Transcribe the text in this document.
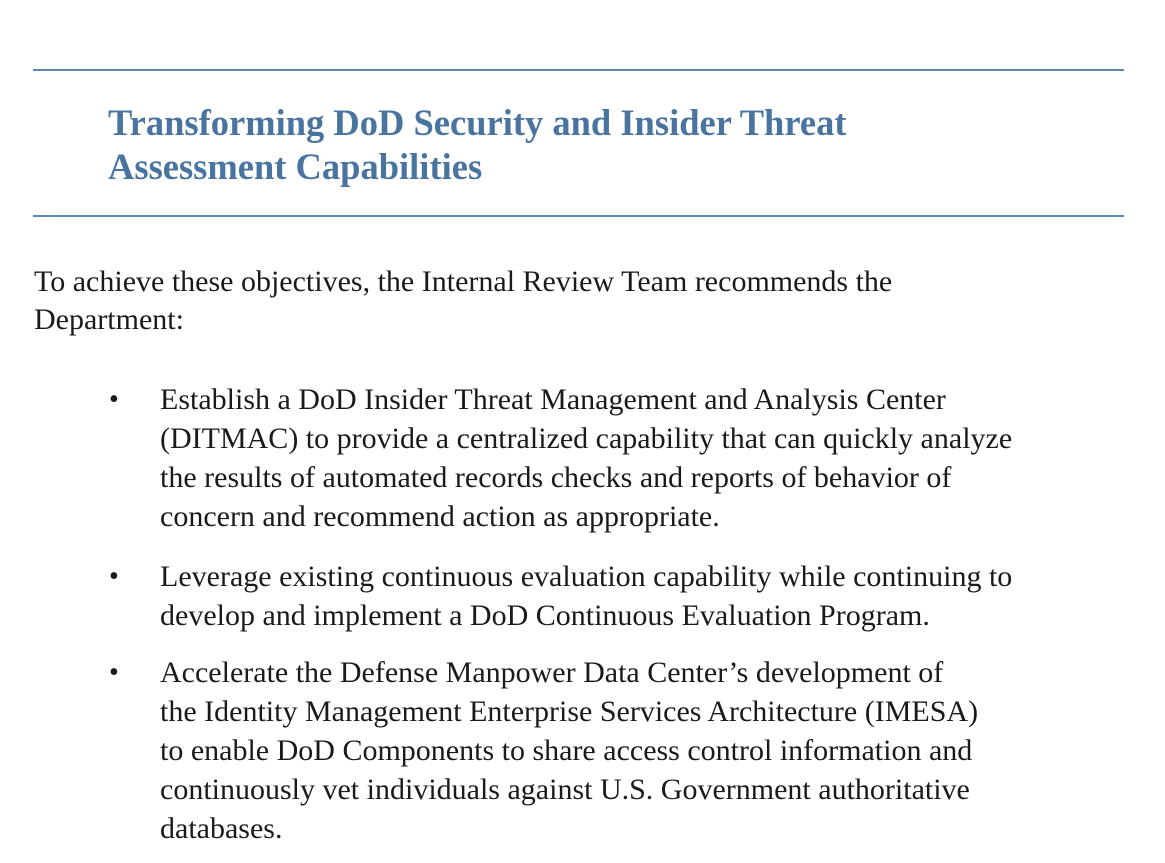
Transforming DoD Security and Insider Threat
Assessment Capabilities

To achieve these objectives, the Internal Review Team recommends the
Department:

• Establish a DoD Insider Threat Management and Analysis Center
(DITMAC) to provide a centralized capability that can quickly analyze
the results of automated records checks and reports of behavior of
concern and recommend action as appropriate.

• Leverage existing continuous evaluation capability while continuing to
develop and implement a DoD Continuous Evaluation Program.

• Accelerate the Defense Manpower Data Center’s development of
the Identity Management Enterprise Services Architecture (IMESA)
to enable DoD Components to share access control information and
continuously vet individuals against U.S. Government authoritative
databases.
